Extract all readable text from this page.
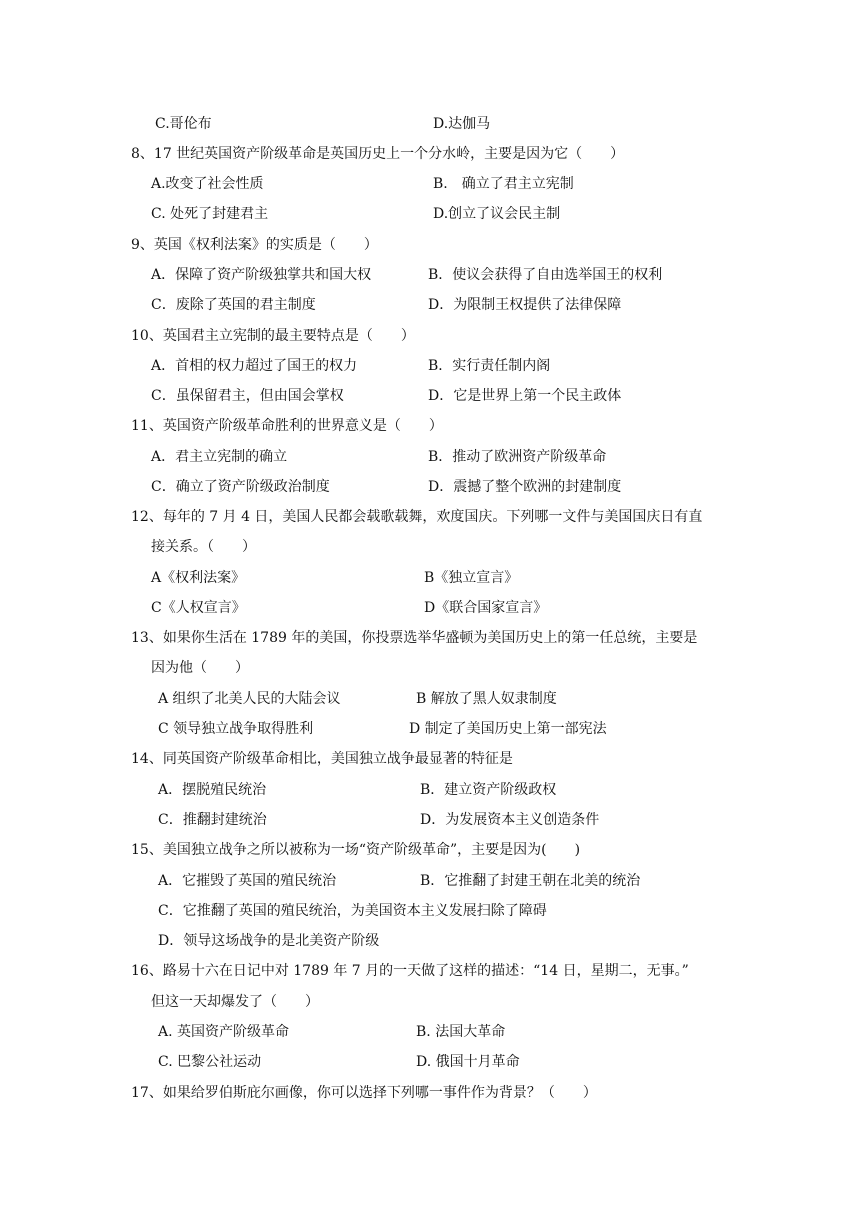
C.哥伦布	D.达伽马
8、17 世纪英国资产阶级革命是英国历史上一个分水岭，主要是因为它（　　）
A.改变了社会性质	B.　确立了君主立宪制
C. 处死了封建君主	D.创立了议会民主制
9、英国《权利法案》的实质是（　　）
A．保障了资产阶级独掌共和国大权	B．使议会获得了自由选举国王的权利
C．废除了英国的君主制度	D．为限制王权提供了法律保障
10、英国君主立宪制的最主要特点是（　　）
A．首相的权力超过了国王的权力	B．实行责任制内阁
C．虽保留君主，但由国会掌权	D．它是世界上第一个民主政体
11、英国资产阶级革命胜利的世界意义是（　　）
A．君主立宪制的确立	B．推动了欧洲资产阶级革命
C．确立了资产阶级政治制度	D．震撼了整个欧洲的封建制度
12、每年的 7 月 4 日，美国人民都会载歌载舞，欢度国庆。下列哪一文件与美国国庆日有直
接关系。（　　）
A《权利法案》	B《独立宣言》
C《人权宣言》	D《联合国家宣言》
13、如果你生活在 1789 年的美国，你投票选举华盛顿为美国历史上的第一任总统，主要是
因为他（　　）
A 组织了北美人民的大陆会议	B 解放了黑人奴隶制度
C 领导独立战争取得胜利	D 制定了美国历史上第一部宪法
14、同英国资产阶级革命相比，美国独立战争最显著的特征是
A．摆脱殖民统治	B．建立资产阶级政权
C．推翻封建统治	D．为发展资本主义创造条件
15、美国独立战争之所以被称为一场“资产阶级革命”，主要是因为(　　)
A．它摧毁了英国的殖民统治	B．它推翻了封建王朝在北美的统治
C．它推翻了英国的殖民统治，为美国资本主义发展扫除了障碍
D．领导这场战争的是北美资产阶级
16、路易十六在日记中对 1789 年 7 月的一天做了这样的描述：“14 日，星期二，无事。”
但这一天却爆发了（　　）
A. 英国资产阶级革命	B. 法国大革命
C. 巴黎公社运动	D. 俄国十月革命
17、如果给罗伯斯庇尔画像，你可以选择下列哪一事件作为背景？（　　）
